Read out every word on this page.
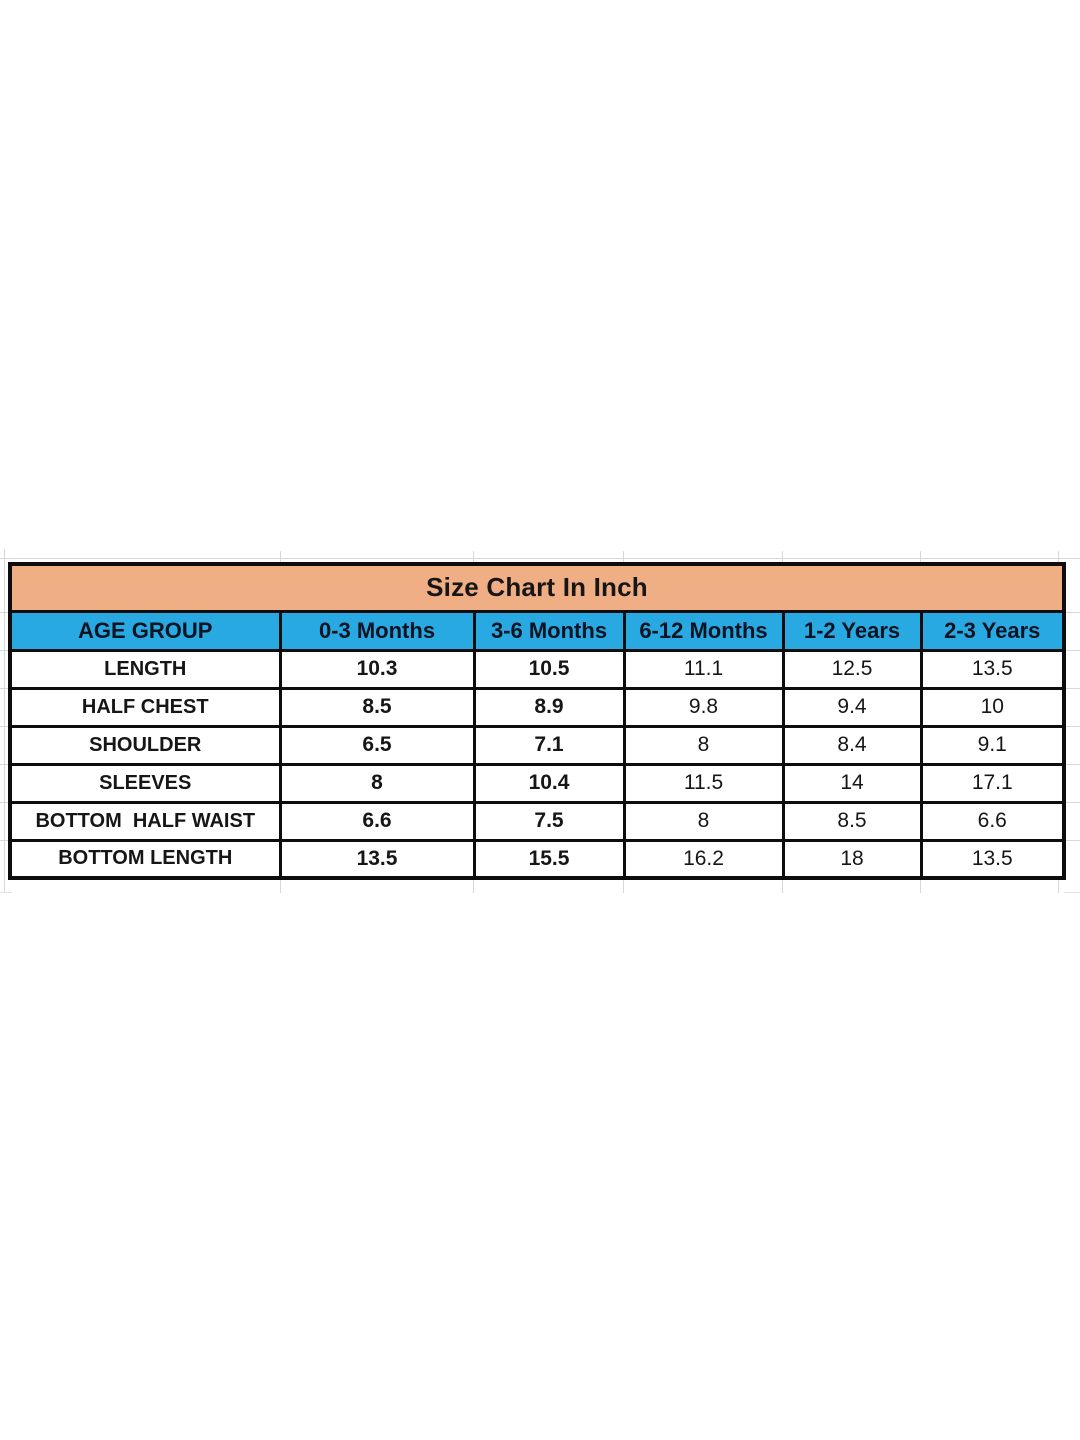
Size Chart In Inch					
AGE GROUP	0-3 Months	3-6 Months	6-12 Months	1-2 Years	2-3 Years
LENGTH	10.3	10.5	11.1	12.5	13.5
HALF CHEST	8.5	8.9	9.8	9.4	10
SHOULDER	6.5	7.1	8	8.4	9.1
SLEEVES	8	10.4	11.5	14	17.1
BOTTOM  HALF WAIST	6.6	7.5	8	8.5	6.6
BOTTOM LENGTH	13.5	15.5	16.2	18	13.5
